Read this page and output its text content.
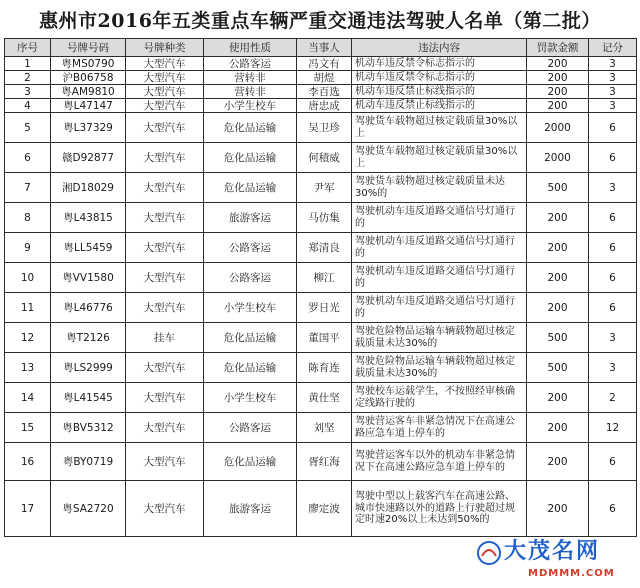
惠州市2016年五类重点车辆严重交通违法驾驶人名单（第二批）
序号	号牌号码	号牌种类	使用性质	当事人	违法内容	罚款金额	记分
1	粤MS0790	大型汽车	公路客运	冯文有	机动车违反禁令标志指示的	200	3
2	沪B06758	大型汽车	营转非	胡煜	机动车违反禁令标志指示的	200	3
3	粤AM9810	大型汽车	营转非	李百选	机动车违反禁止标线指示的	200	3
4	粤L47147	大型汽车	小学生校车	唐忠成	机动车违反禁止标线指示的	200	3
5	粤L37329	大型汽车	危化品运输	吴卫珍	驾驶货车载物超过核定载质量30%以上	2000	6
6	赣D92877	大型汽车	危化品运输	何積威	驾驶货车载物超过核定载质量30%以上	2000	6
7	湘D18029	大型汽车	危化品运输	尹军	驾驶货车载物超过核定载质量未达30%的	500	3
8	粤L43815	大型汽车	旅游客运	马仿集	驾驶机动车违反道路交通信号灯通行的	200	6
9	粤LL5459	大型汽车	公路客运	郑清良	驾驶机动车违反道路交通信号灯通行的	200	6
10	粤VV1580	大型汽车	公路客运	柳江	驾驶机动车违反道路交通信号灯通行的	200	6
11	粤L46776	大型汽车	小学生校车	罗日光	驾驶机动车违反道路交通信号灯通行的	200	6
12	粤T2126	挂车	危化品运输	董国平	驾驶危险物品运输车辆载物超过核定载质量未达30%的	500	3
13	粤LS2999	大型汽车	危化品运输	陈育连	驾驶危险物品运输车辆载物超过核定载质量未达30%的	500	3
14	粤L41545	大型汽车	小学生校车	黄仕坚	驾驶校车运载学生，不按照经审核确定线路行驶的	200	2
15	粤BV5312	大型汽车	公路客运	刘坚	驾驶营运客车非紧急情况下在高速公路应急车道上停车的	200	12
16	粤BY0719	大型汽车	危化品运输	胥红海	驾驶营运客车以外的机动车非紧急情况下在高速公路应急车道上停车的	200	6
17	粤SA2720	大型汽车	旅游客运	廖定波	驾驶中型以上载客汽车在高速公路、城市快速路以外的道路上行驶超过规定时速20%以上未达到50%的	200	6
大茂名网
MDMMM.COM
